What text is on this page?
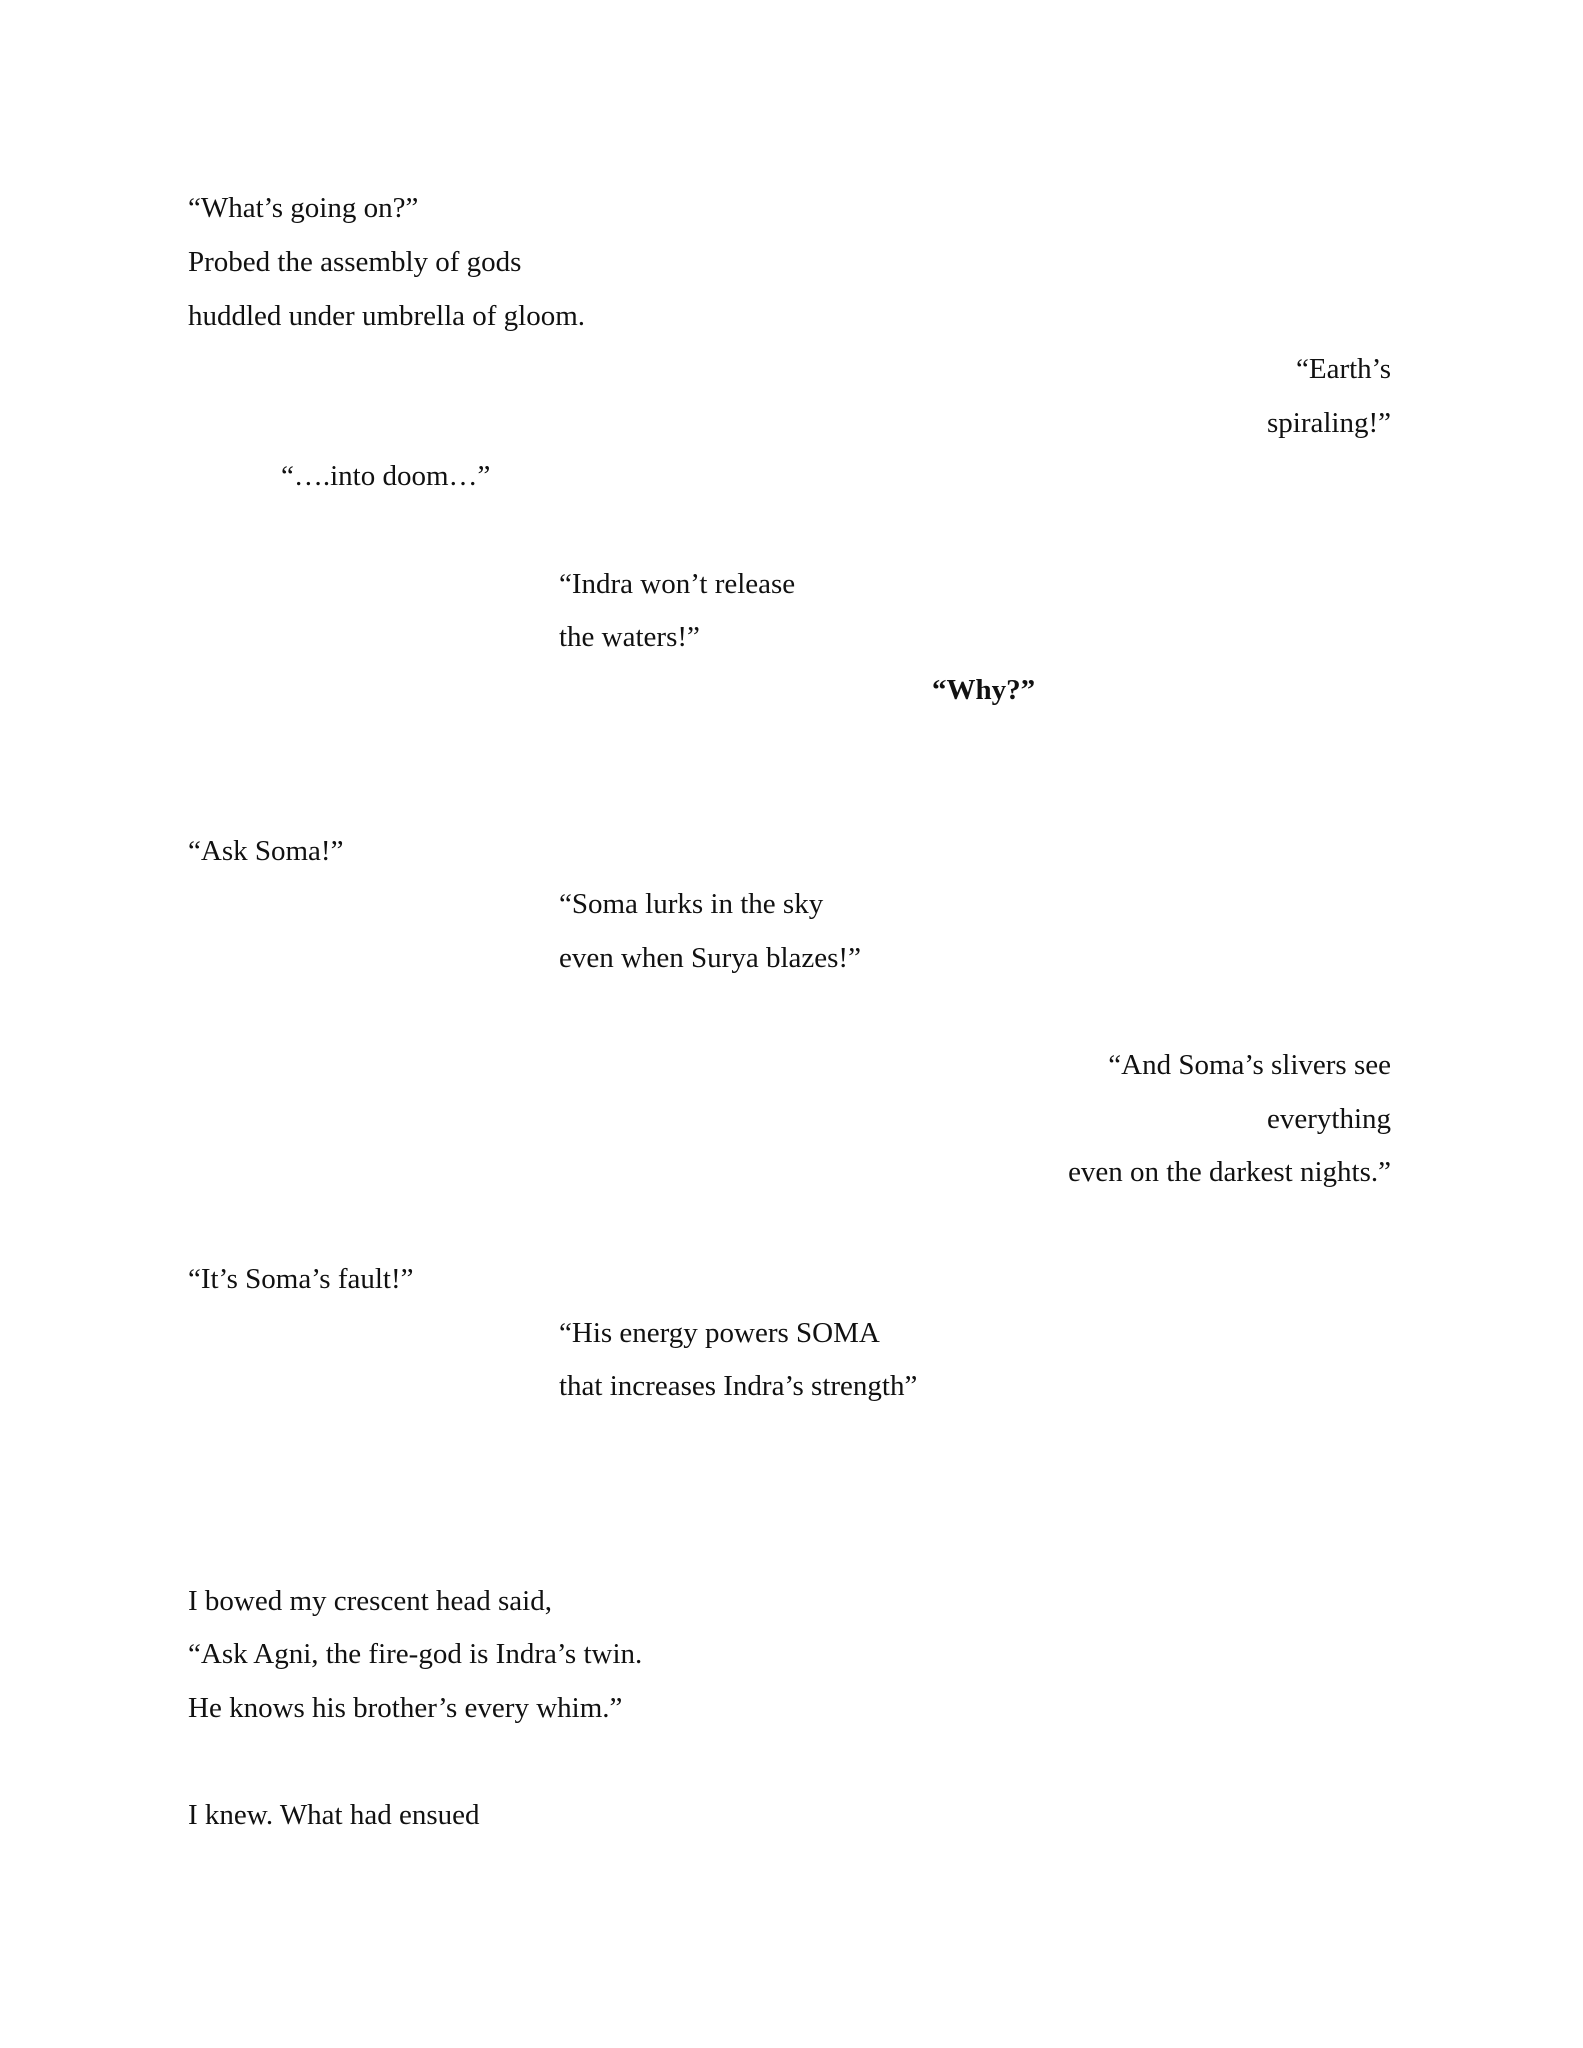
“What’s going on?”

Probed the assembly of gods

huddled under umbrella of gloom.

“Earth’s

spiraling!”

“….into doom…”

“Indra won’t release

the waters!”

“Why?”

“Ask Soma!”

“Soma lurks in the sky

even when Surya blazes!”

“And Soma’s slivers see

everything

even on the darkest nights.”

“It’s Soma’s fault!”

“His energy powers SOMA

that increases Indra’s strength”

I bowed my crescent head said,

“Ask Agni, the fire-god is Indra’s twin.

He knows his brother’s every whim.”

I knew. What had ensued
